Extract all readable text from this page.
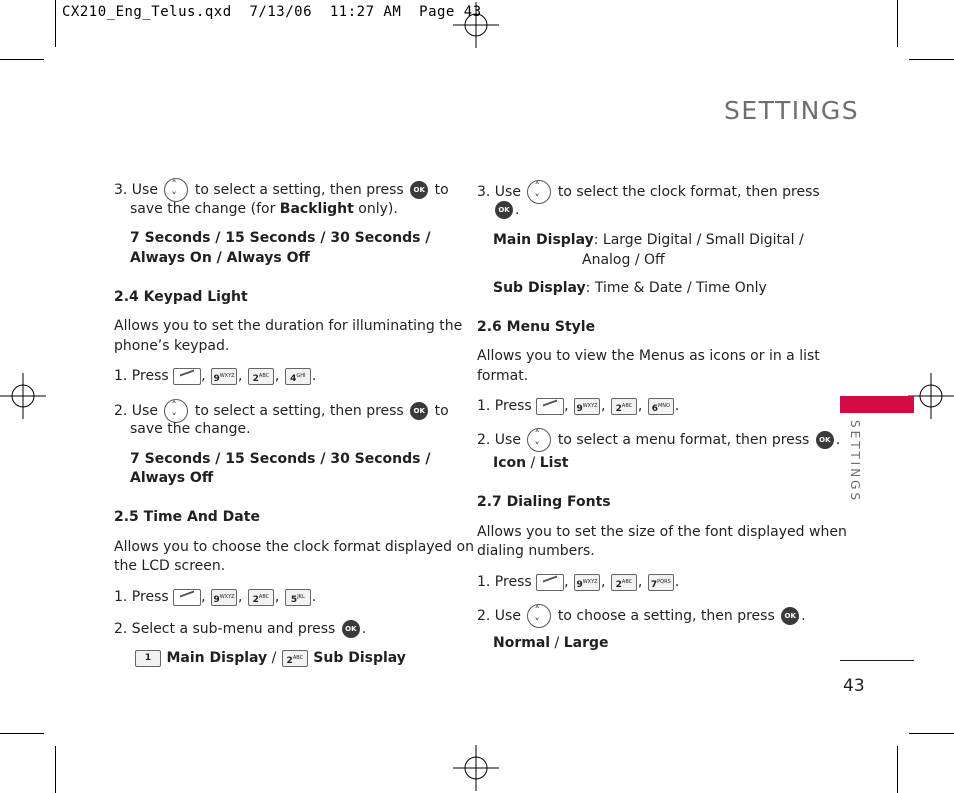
CX210_Eng_Telus.qxd  7/13/06  11:27 AM  Page 43
SETTINGS
SETTINGS
43
3. Use ˄ ˅	to select a setting, then press OK to
save the change (for Backlight only).
7 Seconds / 15 Seconds / 30 Seconds /
Always On / Always Off
2.4 Keypad Light
Allows you to set the duration for illuminating the
phone’s keypad.
1. Press , $9^{WXYZ}$ , $2^{ABC}$ , $4^{GHI}$ .
2. Use ˄ ˅	to select a setting, then press OK to
save the change.
7 Seconds / 15 Seconds / 30 Seconds /
Always Off
2.5 Time And Date
Allows you to choose the clock format displayed on
the LCD screen.
1. Press , $9^{WXYZ}$ , $2^{ABC}$ , $5^{JKL}$ .
2. Select a sub-menu and press OK .
1 Main Display / $2^{ABC}$ Sub Display
3. Use ˄ ˅	to select the clock format, then press
OK .
Main Display: Large Digital / Small Digital /
Analog / Off
Sub Display: Time & Date / Time Only
2.6 Menu Style
Allows you to view the Menus as icons or in a list
format.
1. Press , $9^{WXYZ}$ , $2^{ABC}$ , $6^{MNO}$ .
2. Use ˄ ˅	to select a menu format, then press OK .
Icon / List
2.7 Dialing Fonts
Allows you to set the size of the font displayed when
dialing numbers.
1. Press , $9^{WXYZ}$ , $2^{ABC}$ , $7^{PQRS}$ .
2. Use ˄ ˅	to choose a setting, then press OK .
Normal / Large
